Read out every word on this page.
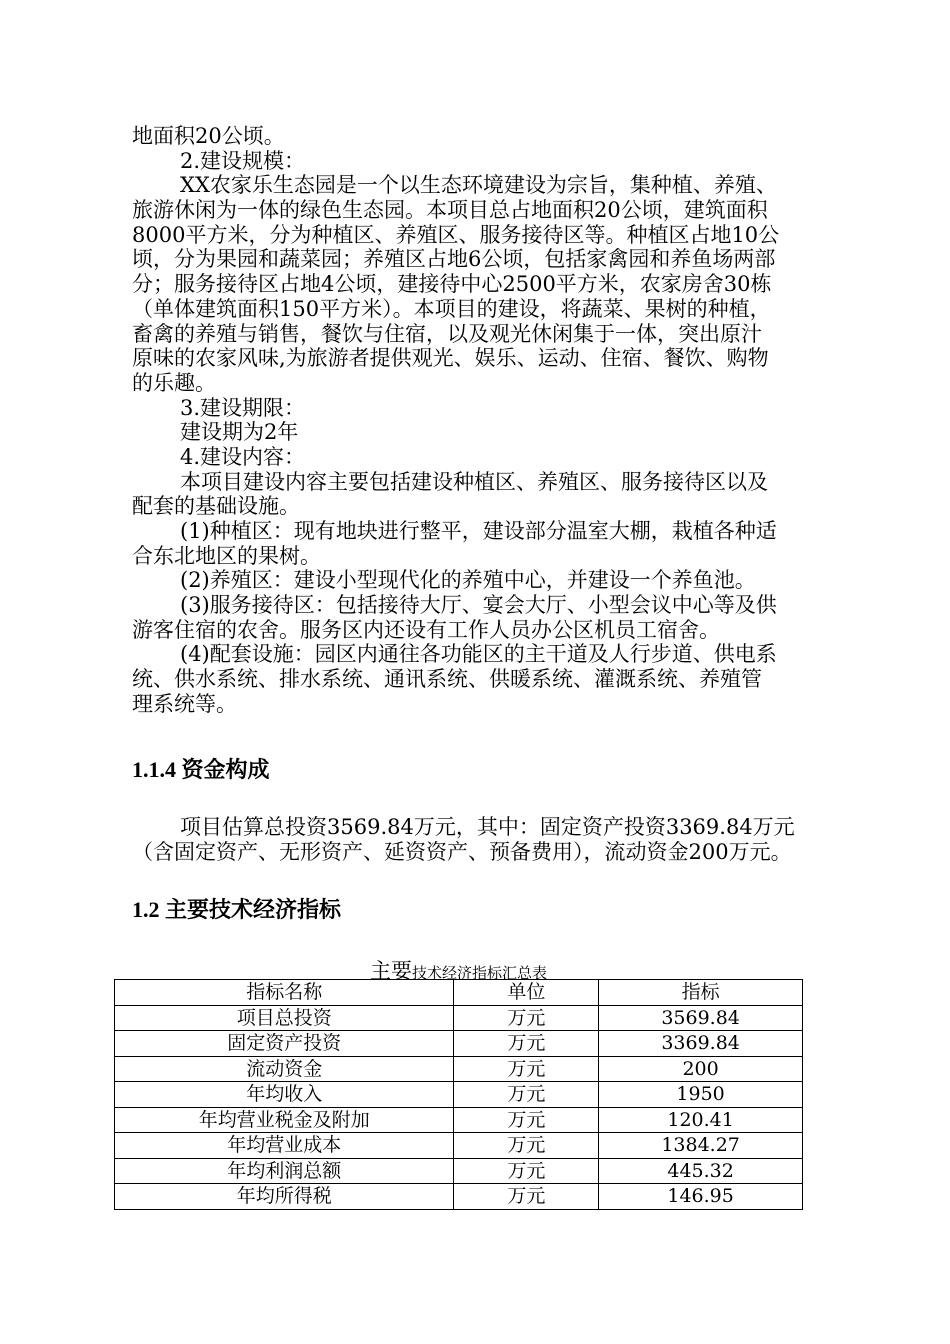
地面积20公顷。
2.建设规模：
XX农家乐生态园是一个以生态环境建设为宗旨，集种植、养殖、
旅游休闲为一体的绿色生态园。本项目总占地面积20公顷，建筑面积
8000平方米，分为种植区、养殖区、服务接待区等。种植区占地10公
顷，分为果园和蔬菜园；养殖区占地6公顷，包括家禽园和养鱼场两部
分；服务接待区占地4公顷，建接待中心2500平方米，农家房舍30栋
（单体建筑面积150平方米）。本项目的建设，将蔬菜、果树的种植，
畜禽的养殖与销售，餐饮与住宿，以及观光休闲集于一体，突出原汁
原味的农家风味,为旅游者提供观光、娱乐、运动、住宿、餐饮、购物
的乐趣。
3.建设期限：
建设期为2年
4.建设内容：
本项目建设内容主要包括建设种植区、养殖区、服务接待区以及
配套的基础设施。
(1)种植区：现有地块进行整平，建设部分温室大棚，栽植各种适
合东北地区的果树。
(2)养殖区：建设小型现代化的养殖中心，并建设一个养鱼池。
(3)服务接待区：包括接待大厅、宴会大厅、小型会议中心等及供
游客住宿的农舍。服务区内还设有工作人员办公区机员工宿舍。
(4)配套设施：园区内通往各功能区的主干道及人行步道、供电系
统、供水系统、排水系统、通讯系统、供暖系统、灌溉系统、养殖管
理系统等。
1.1.4 资金构成
项目估算总投资3569.84万元，其中：固定资产投资3369.84万元
（含固定资产、无形资产、延资资产、预备费用），流动资金200万元。
1.2 主要技术经济指标

主要技术经济指标汇总表

指标名称	单位	指标
项目总投资	万元	3569.84
固定资产投资	万元	3369.84
流动资金	万元	200
年均收入	万元	1950
年均营业税金及附加	万元	120.41
年均营业成本	万元	1384.27
年均利润总额	万元	445.32
年均所得税	万元	146.95
